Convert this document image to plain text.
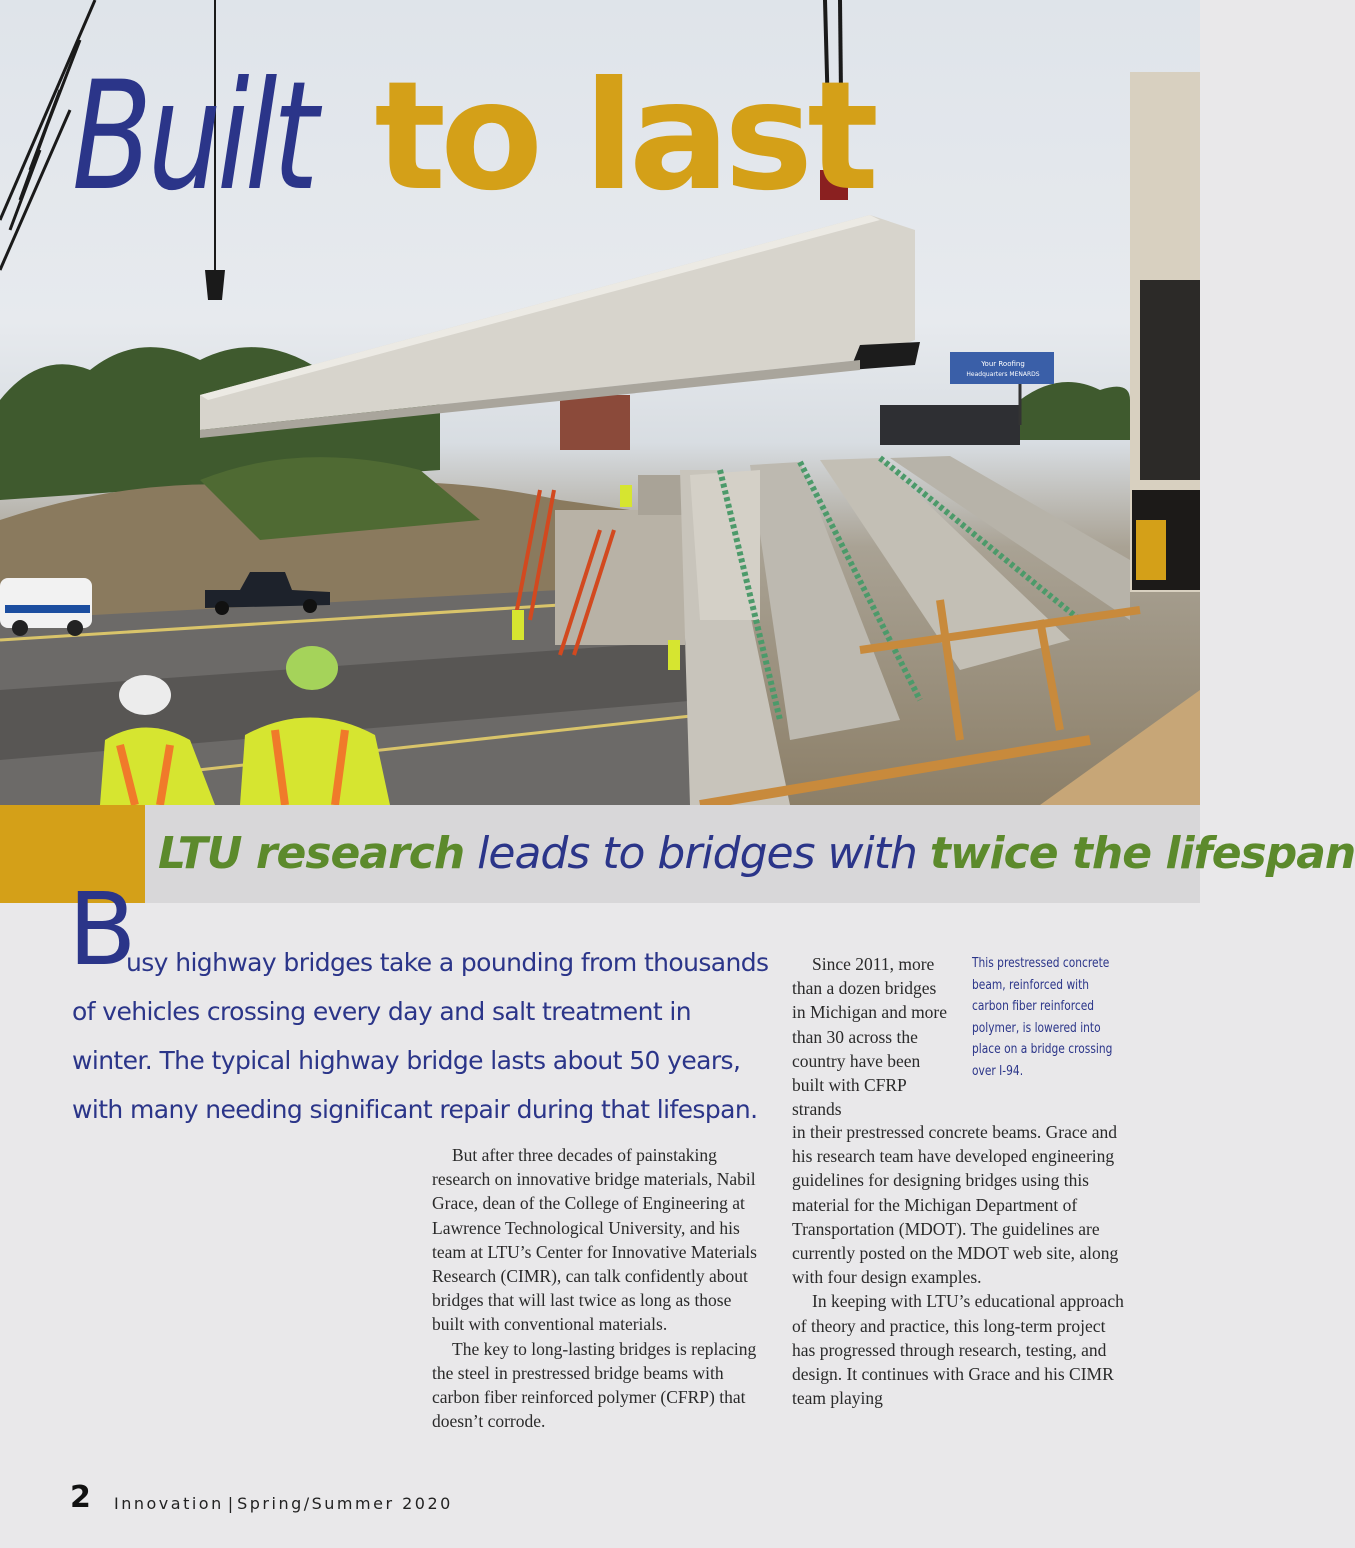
Your Roofing
Headquarters MENARDS
Built to last
LTU research leads to bridges with twice the lifespan
B

usy highway bridges take a pounding from thousands of vehicles crossing every day and salt treatment in winter. The typical highway bridge lasts about 50 years, with many needing significant repair during that lifespan.

But after three decades of painstaking research on innovative bridge materials, Nabil Grace, dean of the College of Engineering at Lawrence Technological University, and his team at LTU’s Center for Innovative Materials Research (CIMR), can talk confidently about bridges that will last twice as long as those built with conventional materials.

The key to long-lasting bridges is replacing the steel in prestressed bridge beams with carbon fiber reinforced polymer (CFRP) that doesn’t corrode.

Since 2011, more than a dozen bridges in Michigan and more than 30 across the country have been built with CFRP strands

This prestressed concrete beam, reinforced with carbon fiber reinforced polymer, is lowered into place on a bridge crossing over I-94.

in their prestressed concrete beams. Grace and his research team have developed engineering guidelines for designing bridges using this material for the Michigan Department of Transportation (MDOT). The guidelines are currently posted on the MDOT web site, along with four design examples.

In keeping with LTU’s educational approach of theory and practice, this long-term project has progressed through research, testing, and design. It continues with Grace and his CIMR team playing

2 Innovation | Spring/Summer 2020
